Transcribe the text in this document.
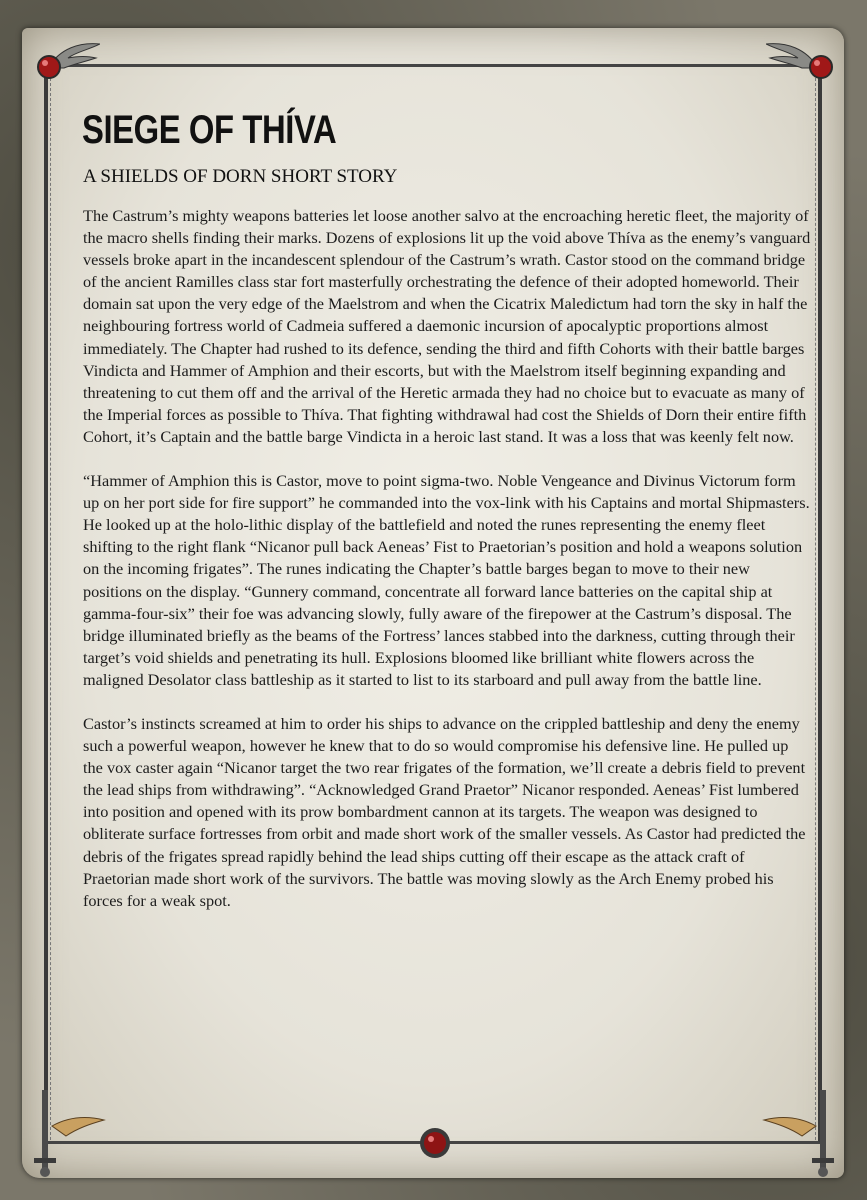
SIEGE OF THÍVA
A SHIELDS OF DORN SHORT STORY

The Castrum’s mighty weapons batteries let loose another salvo at the encroaching heretic fleet, the majority of the macro shells finding their marks. Dozens of explosions lit up the void above Thíva as the enemy’s vanguard vessels broke apart in the incandescent splendour of the Castrum’s wrath. Castor stood on the command bridge of the ancient Ramilles class star fort masterfully orchestrating the defence of their adopted homeworld. Their domain sat upon the very edge of the Maelstrom and when the Cicatrix Maledictum had torn the sky in half the neighbouring fortress world of Cadmeia suffered a daemonic incursion of apocalyptic proportions almost immediately. The Chapter had rushed to its defence, sending the third and fifth Cohorts with their battle barges Vindicta and Hammer of Amphion and their escorts, but with the Maelstrom itself beginning expanding and threatening to cut them off and the arrival of the Heretic armada they had no choice but to evacuate as many of the Imperial forces as possible to Thíva. That fighting withdrawal had cost the Shields of Dorn their entire fifth Cohort, it’s Captain and the battle barge Vindicta in a heroic last stand. It was a loss that was keenly felt now.

“Hammer of Amphion this is Castor, move to point sigma-two. Noble Vengeance and Divinus Victorum form up on her port side for fire support” he commanded into the vox-link with his Captains and mortal Shipmasters. He looked up at the holo-lithic display of the battlefield and noted the runes representing the enemy fleet shifting to the right flank “Nicanor pull back Aeneas’ Fist to Praetorian’s position and hold a weapons solution on the incoming frigates”. The runes indicating the Chapter’s battle barges began to move to their new positions on the display. “Gunnery command, concentrate all forward lance batteries on the capital ship at gamma-four-six” their foe was advancing slowly, fully aware of the firepower at the Castrum’s disposal. The bridge illuminated briefly as the beams of the Fortress’ lances stabbed into the darkness, cutting through their target’s void shields and penetrating its hull. Explosions bloomed like brilliant white flowers across the maligned Desolator class battleship as it started to list to its starboard and pull away from the battle line.

Castor’s instincts screamed at him to order his ships to advance on the crippled battleship and deny the enemy such a powerful weapon, however he knew that to do so would compromise his defensive line. He pulled up the vox caster again “Nicanor target the two rear frigates of the formation, we’ll create a debris field to prevent the lead ships from withdrawing”. “Acknowledged Grand Praetor” Nicanor responded. Aeneas’ Fist lumbered into position and opened with its prow bombardment cannon at its targets. The weapon was designed to obliterate surface fortresses from orbit and made short work of the smaller vessels. As Castor had predicted the debris of the frigates spread rapidly behind the lead ships cutting off their escape as the attack craft of Praetorian made short work of the survivors. The battle was moving slowly as the Arch Enemy probed his forces for a weak spot.
